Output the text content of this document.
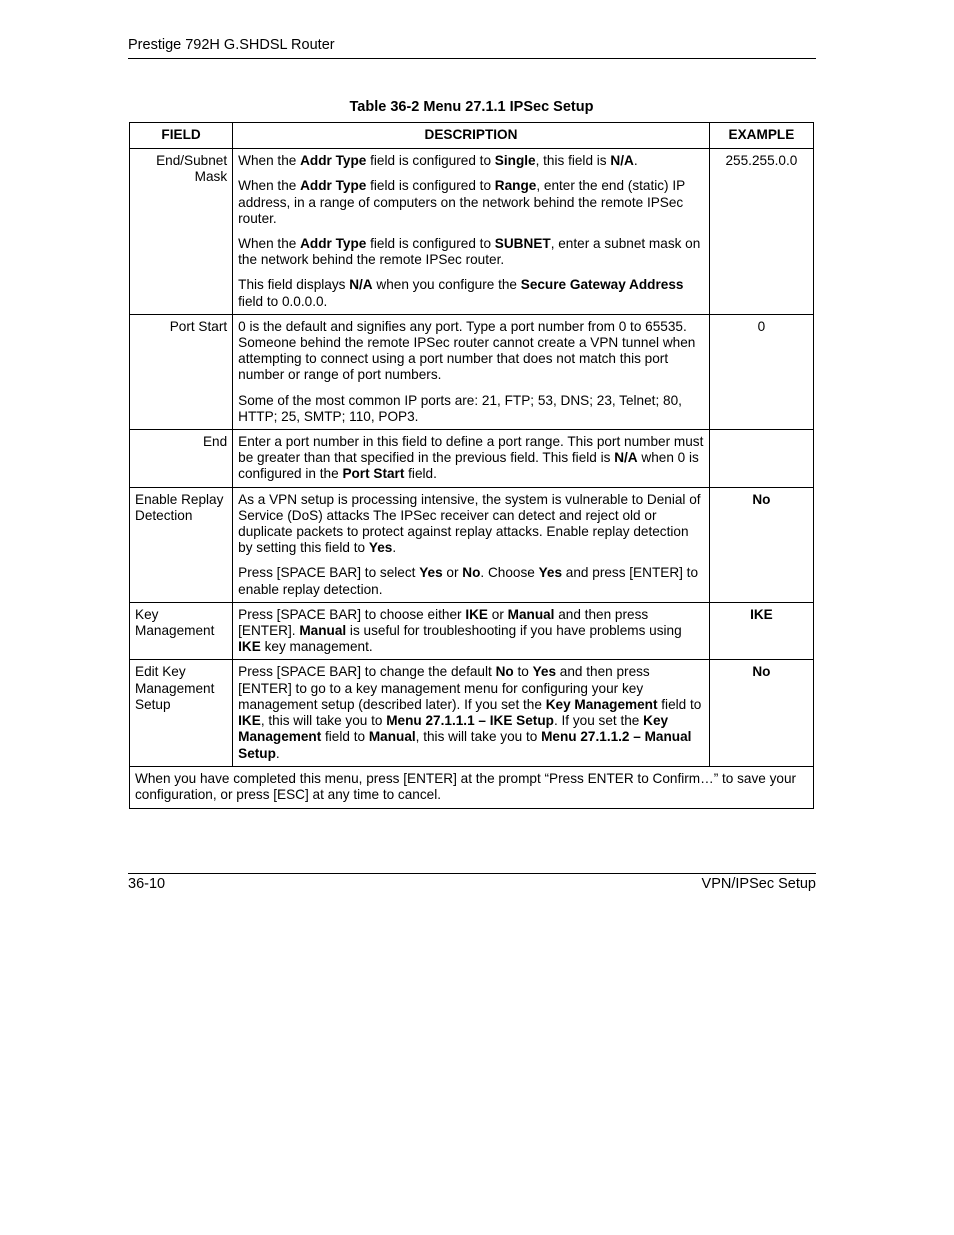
Prestige 792H G.SHDSL Router
Table 36-2 Menu 27.1.1 IPSec Setup
FIELD	DESCRIPTION	EXAMPLE
End/Subnet Mask	When the Addr Type field is configured to Single, this field is N/A.

When the Addr Type field is configured to Range, enter the end (static) IP address, in a range of computers on the network behind the remote IPSec router.

When the Addr Type field is configured to SUBNET, enter a subnet mask on the network behind the remote IPSec router.

This field displays N/A when you configure the Secure Gateway Address field to 0.0.0.0.	255.255.0.0
Port Start	0 is the default and signifies any port. Type a port number from 0 to 65535. Someone behind the remote IPSec router cannot create a VPN tunnel when attempting to connect using a port number that does not match this port number or range of port numbers.

Some of the most common IP ports are: 21, FTP; 53, DNS; 23, Telnet; 80, HTTP; 25, SMTP; 110, POP3.	0
End	Enter a port number in this field to define a port range. This port number must be greater than that specified in the previous field. This field is N/A when 0 is configured in the Port Start field.	

Enable Replay Detection	As a VPN setup is processing intensive, the system is vulnerable to Denial of Service (DoS) attacks The IPSec receiver can detect and reject old or duplicate packets to protect against replay attacks. Enable replay detection by setting this field to Yes.

Press [SPACE BAR] to select Yes or No. Choose Yes and press [ENTER] to enable replay detection.	No
Key Management	Press [SPACE BAR] to choose either IKE or Manual and then press [ENTER]. Manual is useful for troubleshooting if you have problems using IKE key management.	IKE
Edit Key Management Setup	Press [SPACE BAR] to change the default No to Yes and then press [ENTER] to go to a key management menu for configuring your key management setup (described later). If you set the Key Management field to IKE, this will take you to Menu 27.1.1.1 – IKE Setup. If you set the Key Management field to Manual, this will take you to Menu 27.1.1.2 – Manual Setup.	No
When you have completed this menu, press [ENTER] at the prompt “Press ENTER to Confirm…” to save your configuration, or press [ESC] at any time to cancel.		
36-10	VPN/IPSec Setup
